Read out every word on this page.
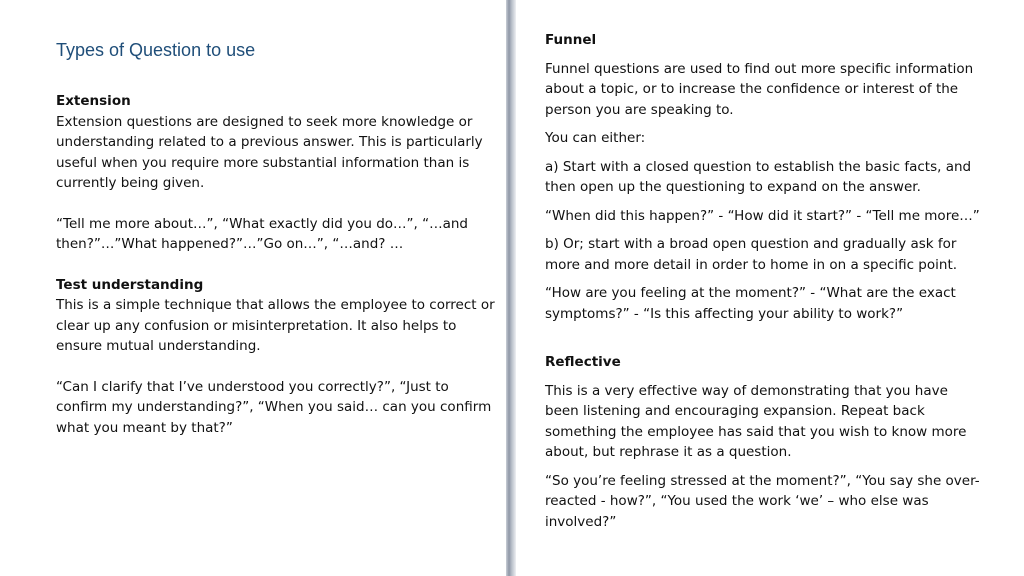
Types of Question to use

Extension

Extension questions are designed to seek more knowledge or understanding related to a previous answer. This is particularly useful when you require more substantial information than is currently being given.

“Tell me more about…”, “What exactly did you do…”, “…and then?”…”What happened?”…”Go on…”, “…and? …

Test understanding

This is a simple technique that allows the employee to correct or clear up any confusion or misinterpretation. It also helps to ensure mutual understanding.

“Can I clarify that I’ve understood you correctly?”, “Just to confirm my understanding?”, “When you said… can you confirm what you meant by that?”

Funnel

Funnel questions are used to find out more specific information about a topic, or to increase the confidence or interest of the person you are speaking to.

You can either:

a) Start with a closed question to establish the basic facts, and then open up the questioning to expand on the answer.

“When did this happen?” - “How did it start?” - “Tell me more…”

b) Or; start with a broad open question and gradually ask for more and more detail in order to home in on a specific point.

“How are you feeling at the moment?” - “What are the exact symptoms?” - “Is this affecting your ability to work?”

Reflective

This is a very effective way of demonstrating that you have been listening and encouraging expansion. Repeat back something the employee has said that you wish to know more about, but rephrase it as a question.

“So you’re feeling stressed at the moment?”, “You say she over-reacted - how?”, “You used the work ‘we’ – who else was involved?”
